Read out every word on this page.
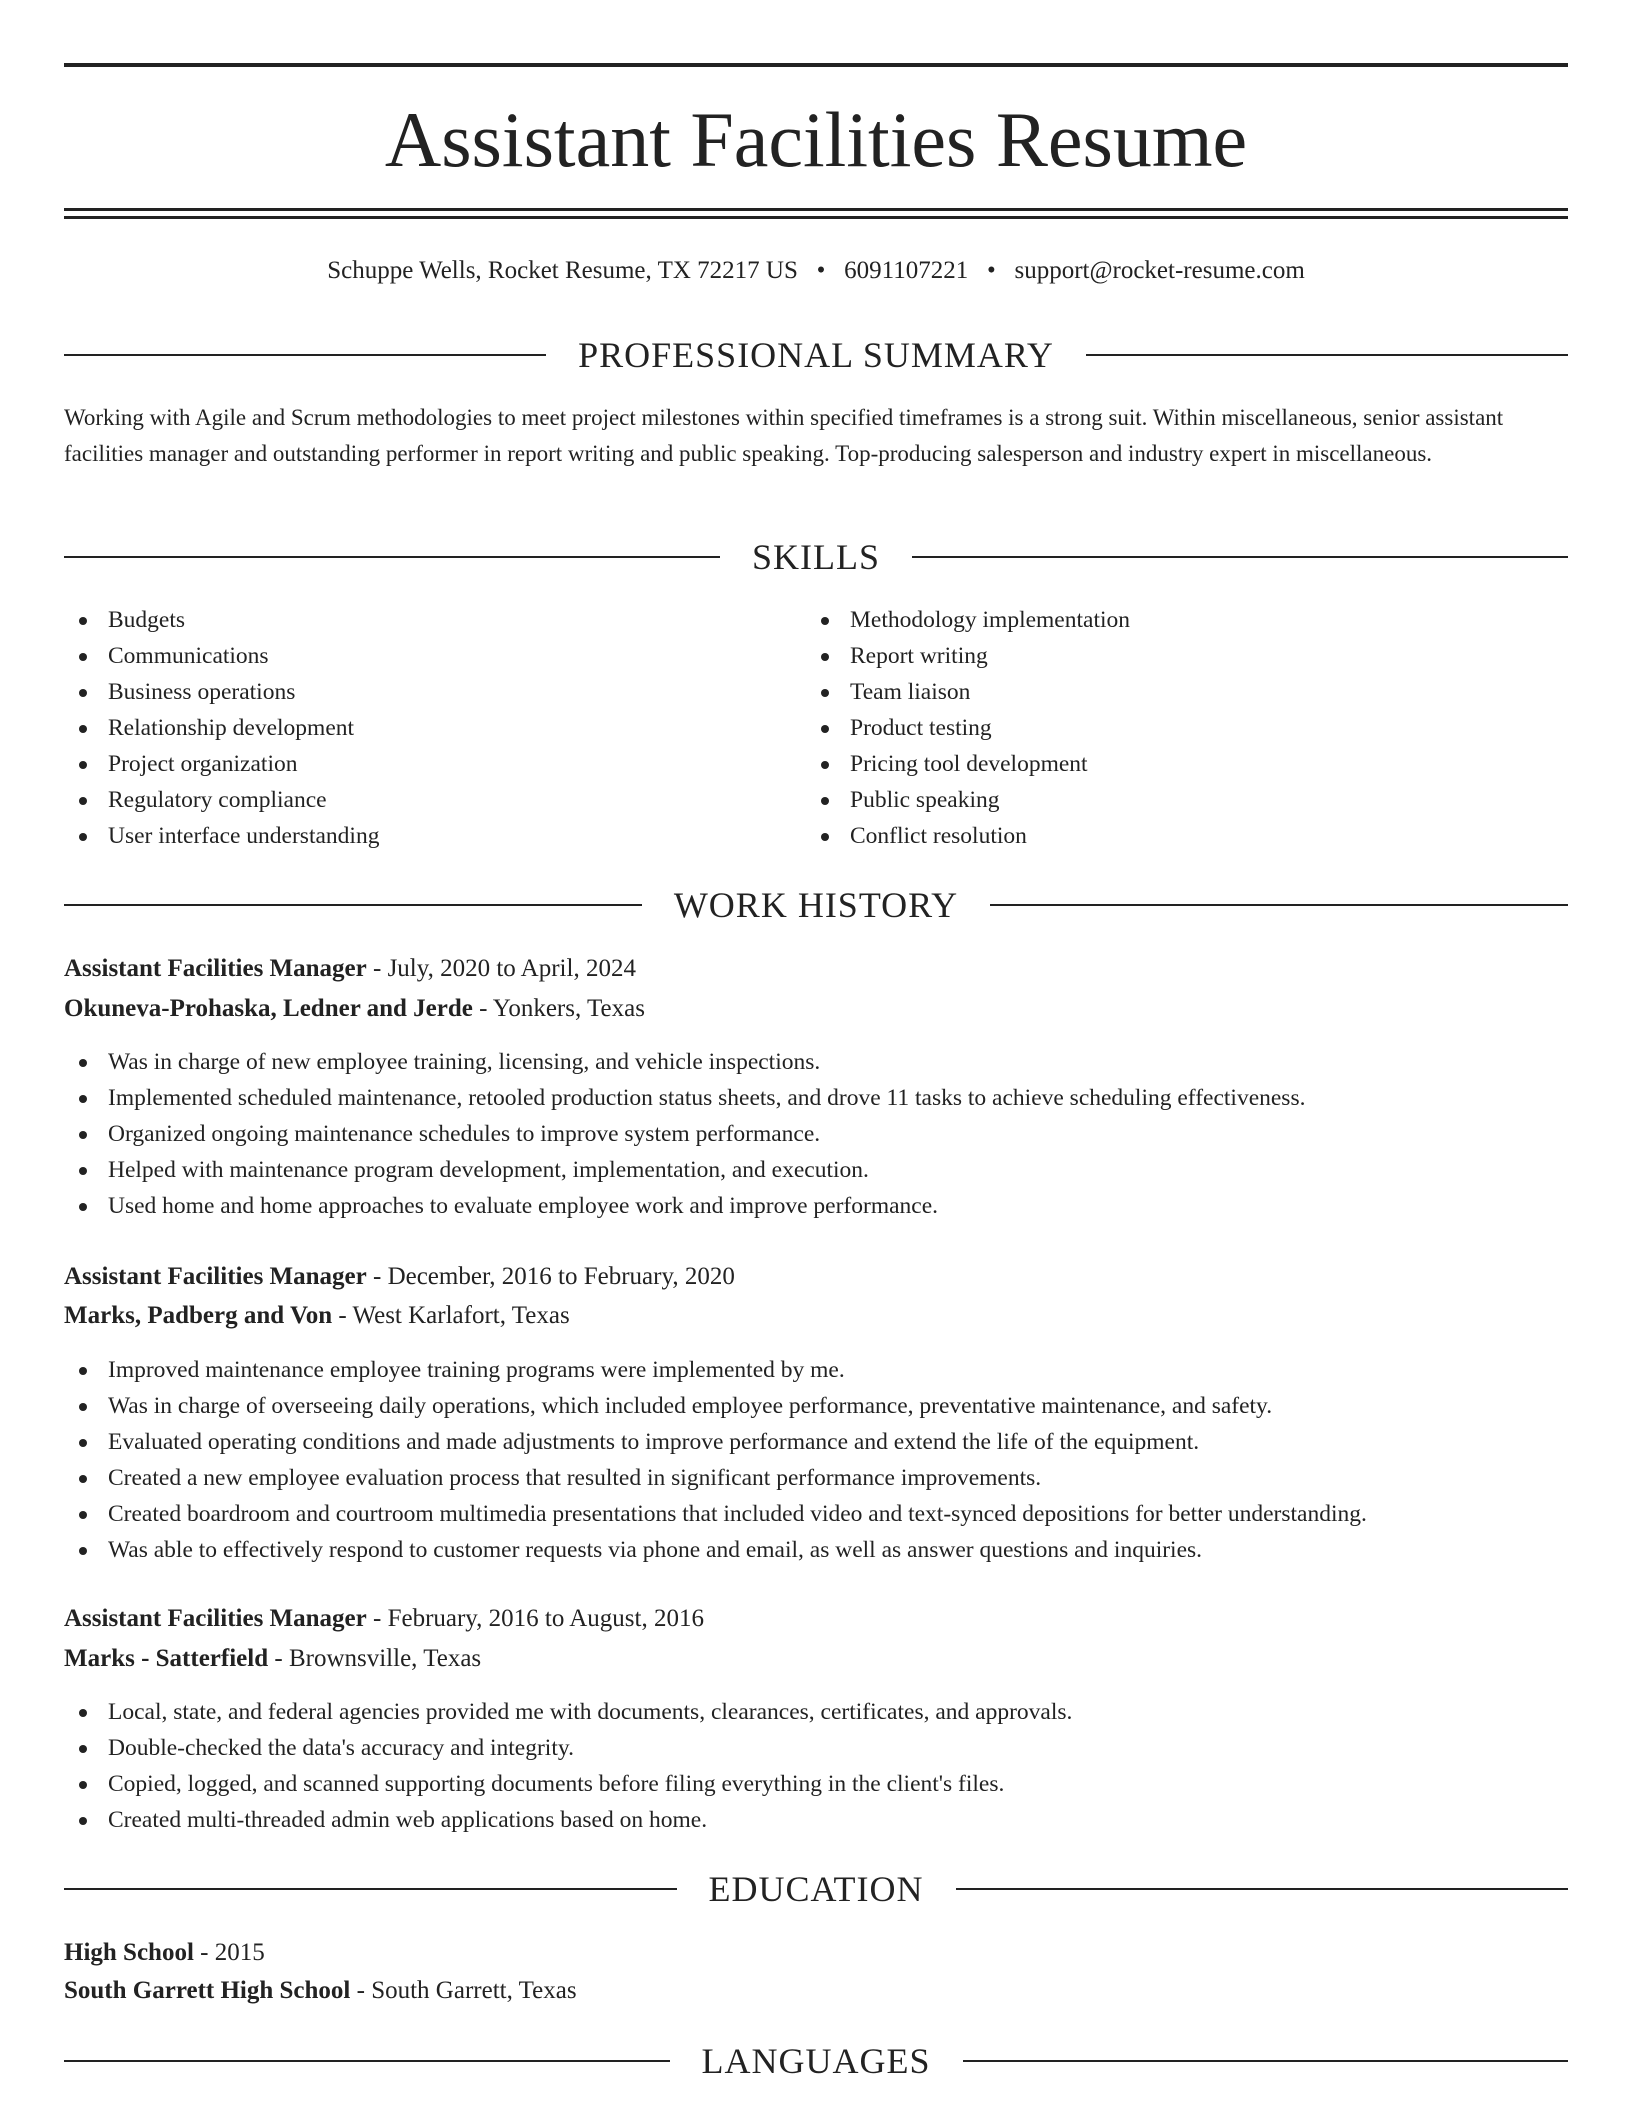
Assistant Facilities Resume
Schuppe Wells, Rocket Resume, TX 72217 US • 6091107221 • support@rocket-resume.com
PROFESSIONAL SUMMARY

Working with Agile and Scrum methodologies to meet project milestones within specified timeframes is a strong suit. Within miscellaneous, senior assistant facilities manager and outstanding performer in report writing and public speaking. Top-producing salesperson and industry expert in miscellaneous.

SKILLS
Budgets
Communications
Business operations
Relationship development
Project organization
Regulatory compliance
User interface understanding
Methodology implementation
Report writing
Team liaison
Product testing
Pricing tool development
Public speaking
Conflict resolution
WORK HISTORY
Assistant Facilities Manager - July, 2020 to April, 2024
Okuneva-Prohaska, Ledner and Jerde - Yonkers, Texas
Was in charge of new employee training, licensing, and vehicle inspections.
Implemented scheduled maintenance, retooled production status sheets, and drove 11 tasks to achieve scheduling effectiveness.
Organized ongoing maintenance schedules to improve system performance.
Helped with maintenance program development, implementation, and execution.
Used home and home approaches to evaluate employee work and improve performance.
Assistant Facilities Manager - December, 2016 to February, 2020
Marks, Padberg and Von - West Karlafort, Texas
Improved maintenance employee training programs were implemented by me.
Was in charge of overseeing daily operations, which included employee performance, preventative maintenance, and safety.
Evaluated operating conditions and made adjustments to improve performance and extend the life of the equipment.
Created a new employee evaluation process that resulted in significant performance improvements.
Created boardroom and courtroom multimedia presentations that included video and text-synced depositions for better understanding.
Was able to effectively respond to customer requests via phone and email, as well as answer questions and inquiries.
Assistant Facilities Manager - February, 2016 to August, 2016
Marks - Satterfield - Brownsville, Texas
Local, state, and federal agencies provided me with documents, clearances, certificates, and approvals.
Double-checked the data's accuracy and integrity.
Copied, logged, and scanned supporting documents before filing everything in the client's files.
Created multi-threaded admin web applications based on home.
EDUCATION
High School - 2015
South Garrett High School - South Garrett, Texas
LANGUAGES
